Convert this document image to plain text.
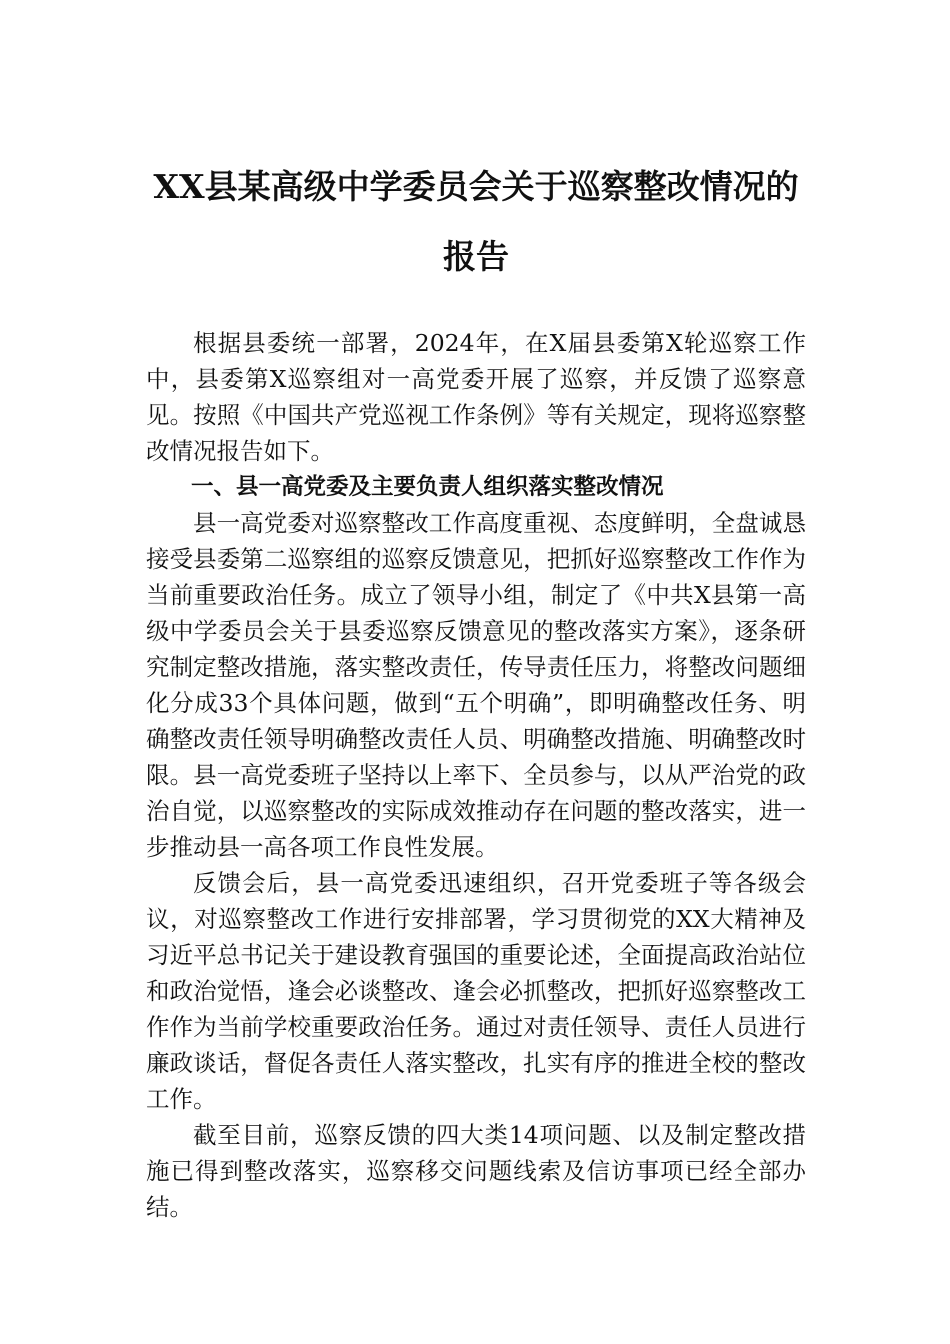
XX县某高级中学委员会关于巡察整改情况的报告

根据县委统一部署，2024年，在X届县委第X轮巡察工作中，县委第X巡察组对一高党委开展了巡察，并反馈了巡察意见。按照《中国共产党巡视工作条例》等有关规定，现将巡察整改情况报告如下。

一、县一高党委及主要负责人组织落实整改情况

县一高党委对巡察整改工作高度重视、态度鲜明，全盘诚恳接受县委第二巡察组的巡察反馈意见，把抓好巡察整改工作作为当前重要政治任务。成立了领导小组，制定了《中共X县第一高级中学委员会关于县委巡察反馈意见的整改落实方案》，逐条研究制定整改措施，落实整改责任，传导责任压力，将整改问题细化分成33个具体问题，做到“五个明确”，即明确整改任务、明确整改责任领导明确整改责任人员、明确整改措施、明确整改时限。县一高党委班子坚持以上率下、全员参与，以从严治党的政治自觉，以巡察整改的实际成效推动存在问题的整改落实，进一步推动县一高各项工作良性发展。

反馈会后，县一高党委迅速组织，召开党委班子等各级会议，对巡察整改工作进行安排部署，学习贯彻党的XX大精神及习近平总书记关于建设教育强国的重要论述，全面提高政治站位和政治觉悟，逢会必谈整改、逢会必抓整改，把抓好巡察整改工作作为当前学校重要政治任务。通过对责任领导、责任人员进行廉政谈话，督促各责任人落实整改，扎实有序的推进全校的整改工作。

截至目前，巡察反馈的四大类14项问题、以及制定整改措施已得到整改落实，巡察移交问题线索及信访事项已经全部办结。
